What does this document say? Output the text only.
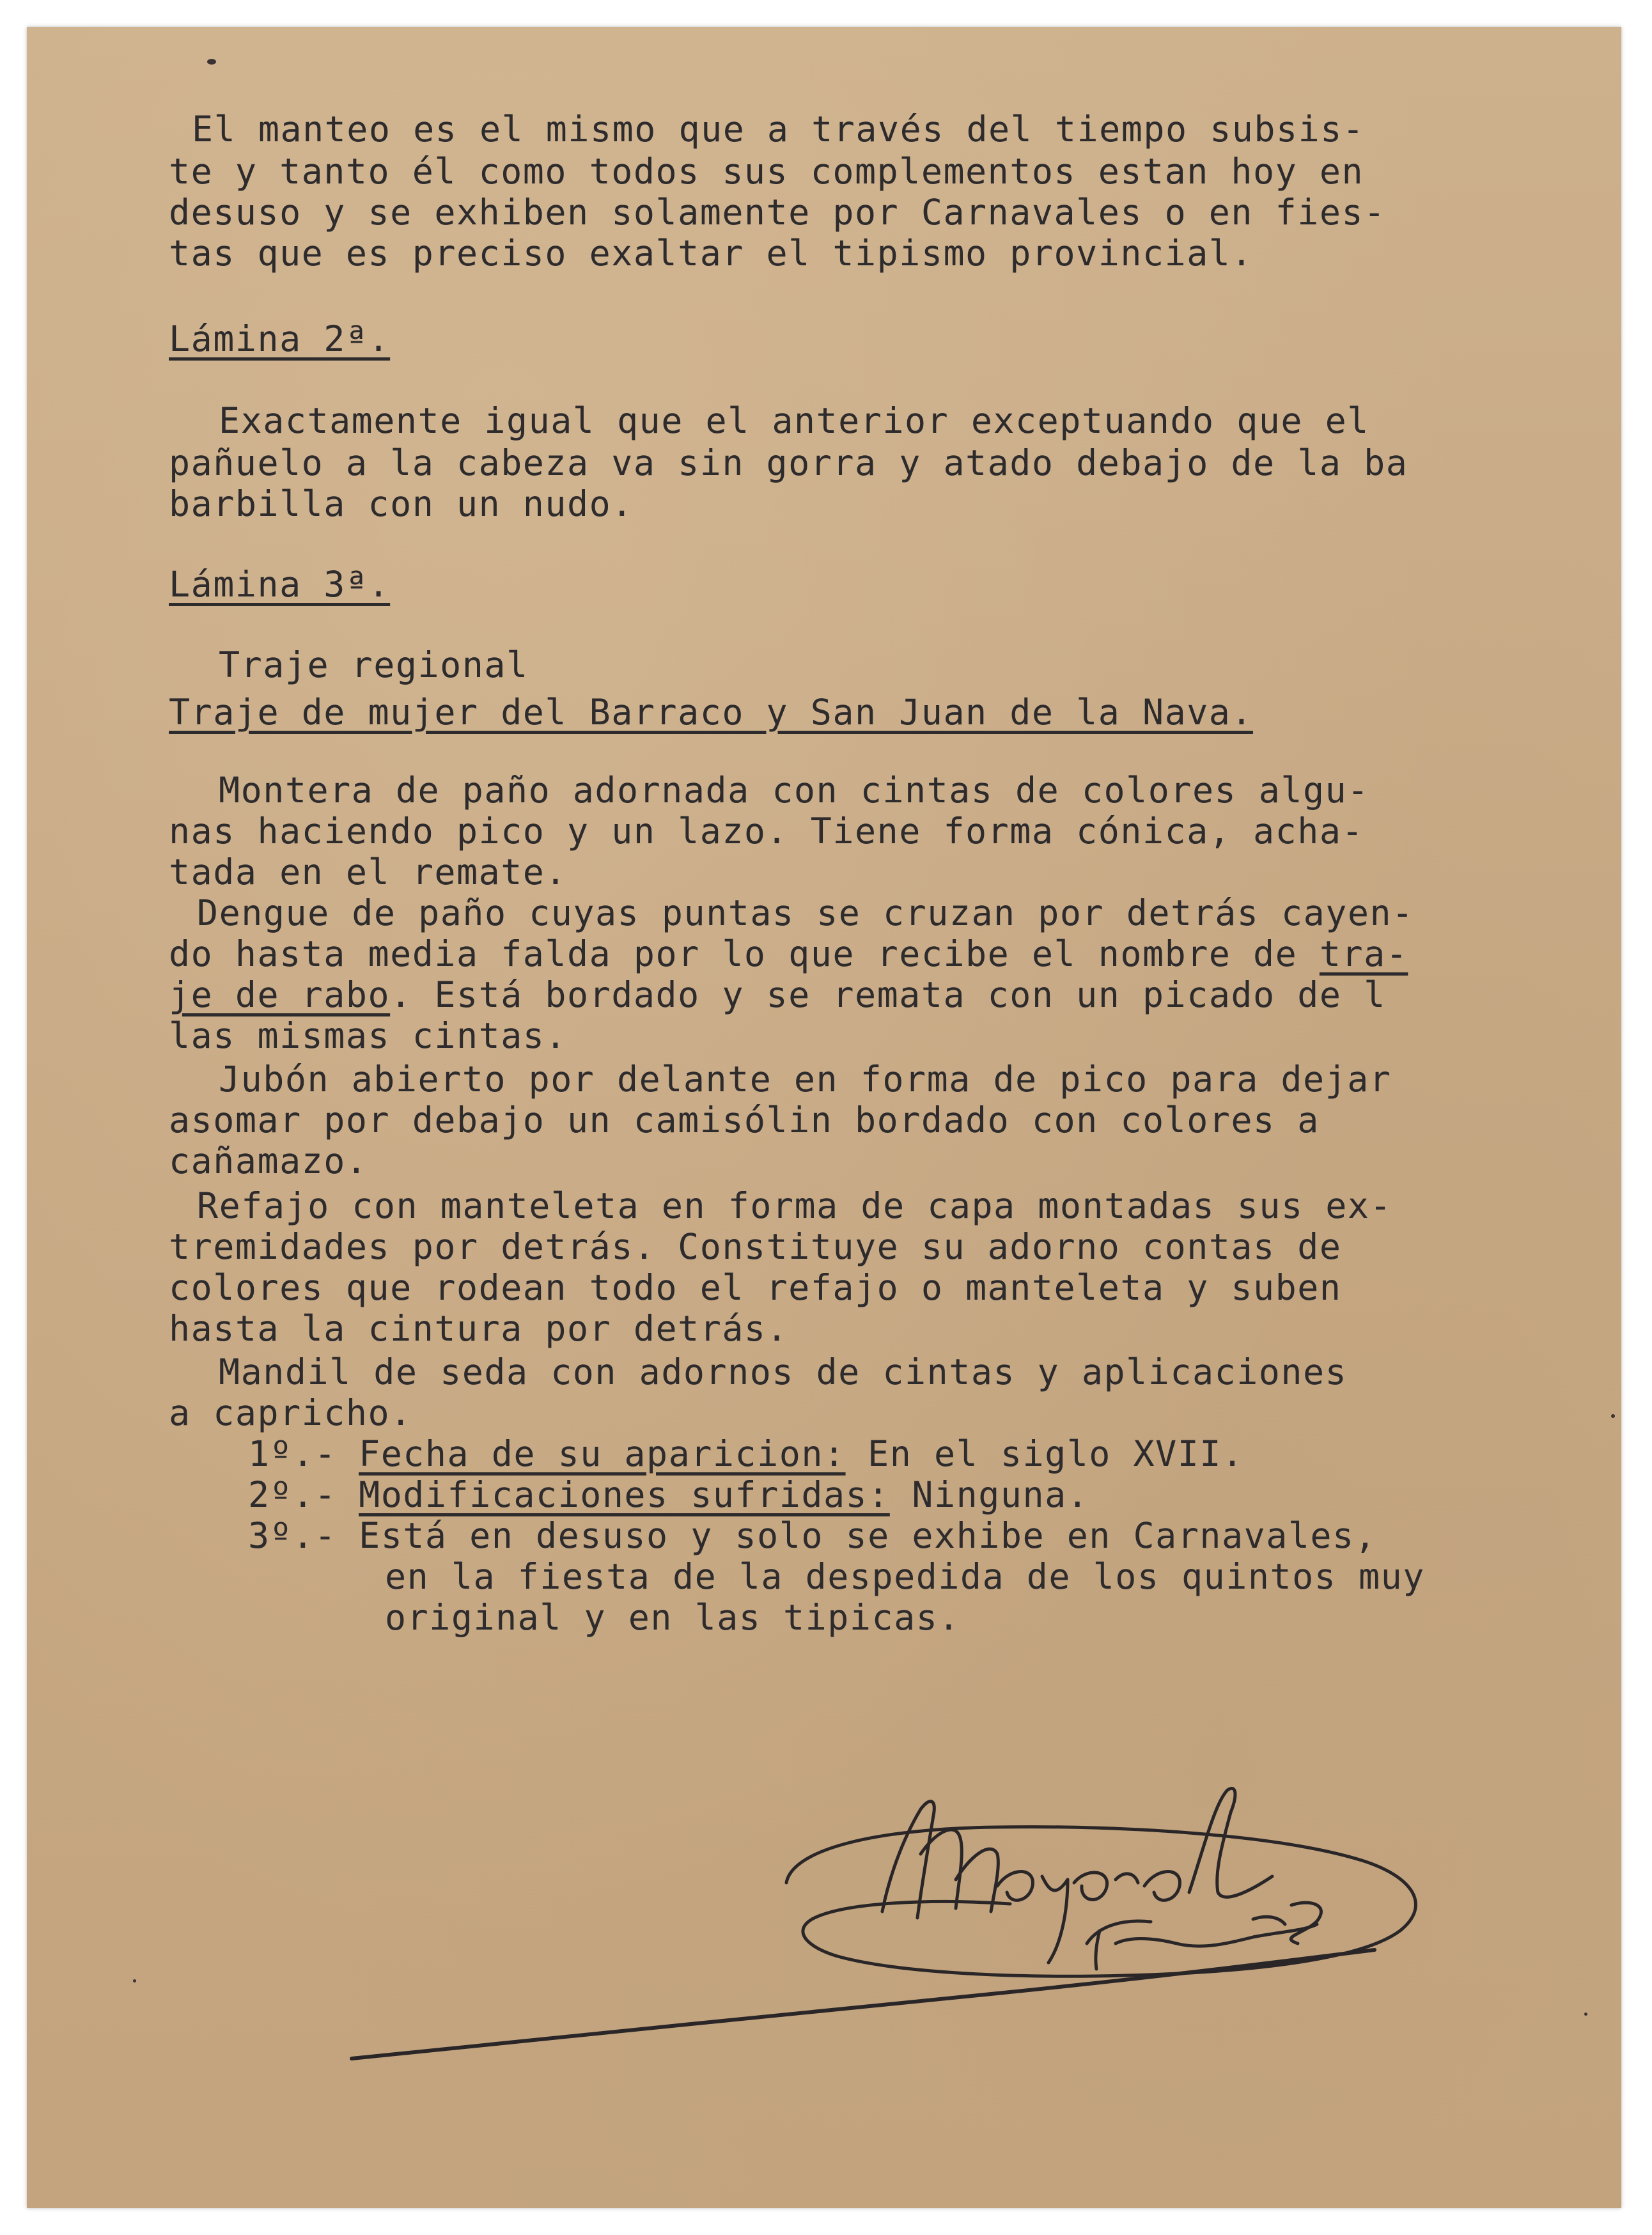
El manteo es el mismo que a través del tiempo subsis-

te y tanto él como todos sus complementos estan hoy en

desuso y se exhiben solamente por Carnavales o en fies-

tas que es preciso exaltar el tipismo provincial.

Lámina 2ª.

Exactamente igual que el anterior exceptuando que el

pañuelo a la cabeza va sin gorra y atado debajo de la ba

barbilla con un nudo.

Lámina 3ª.

Traje regional

Traje de mujer del Barraco y San Juan de la Nava.

Montera de paño adornada con cintas de colores algu-

nas haciendo pico y un lazo. Tiene forma cónica, acha-

tada en el remate.

Dengue de paño cuyas puntas se cruzan por detrás cayen-

do hasta media falda por lo que recibe el nombre de tra-

je de rabo. Está bordado y se remata con un picado de l

las mismas cintas.

Jubón abierto por delante en forma de pico para dejar

asomar por debajo un camisólin bordado con colores a

cañamazo.

Refajo con manteleta en forma de capa montadas sus ex-

tremidades por detrás. Constituye su adorno contas de

colores que rodean todo el refajo o manteleta y suben

hasta la cintura por detrás.

Mandil de seda con adornos de cintas y aplicaciones

a capricho.

1º.- Fecha de su aparicion: En el siglo XVII.

2º.- Modificaciones sufridas: Ninguna.

3º.- Está en desuso y solo se exhibe en Carnavales,

en la fiesta de la despedida de los quintos muy

original y en las tipicas.
